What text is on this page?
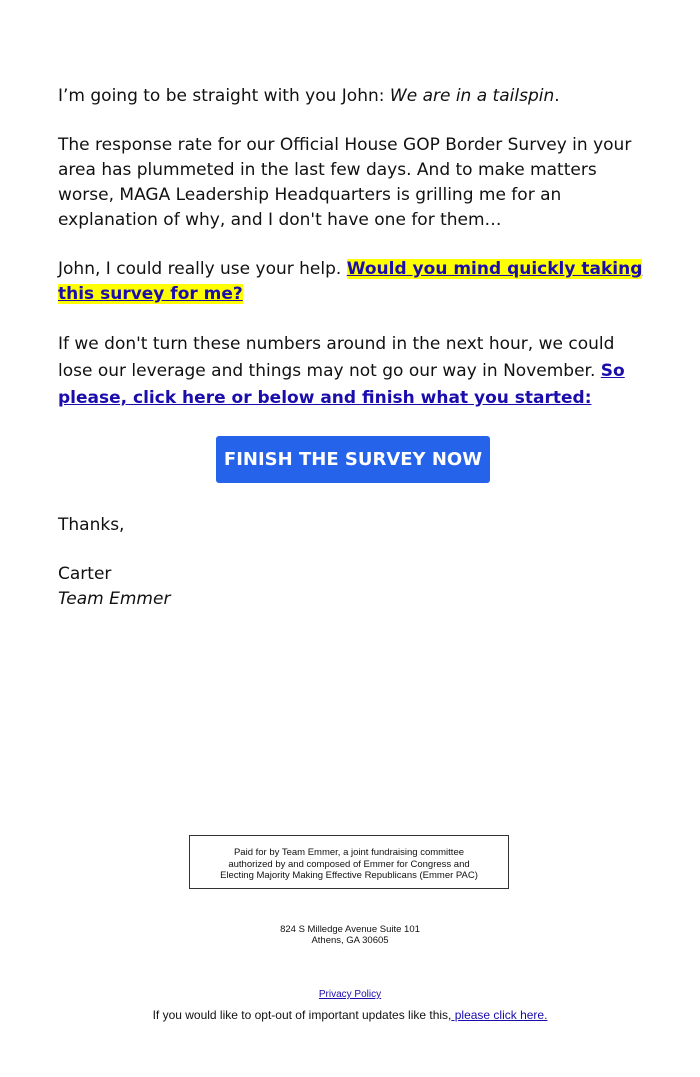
I’m going to be straight with you John: We are in a tailspin.

The response rate for our Official House GOP Border Survey in your area has plummeted in the last few days. And to make matters worse, MAGA Leadership Headquarters is grilling me for an explanation of why, and I don't have one for them…

John, I could really use your help. Would you mind quickly taking this survey for me?

If we don't turn these numbers around in the next hour, we could lose our leverage and things may not go our way in November. So please, click here or below and finish what you started:

FINISH THE SURVEY NOW

Thanks,

Carter
Team Emmer
Paid for by Team Emmer, a joint fundraising committee
authorized by and composed of Emmer for Congress and
Electing Majority Making Effective Republicans (Emmer PAC)
824 S Milledge Avenue Suite 101
Athens, GA 30605
Privacy Policy
If you would like to opt-out of important updates like this, please click here.
